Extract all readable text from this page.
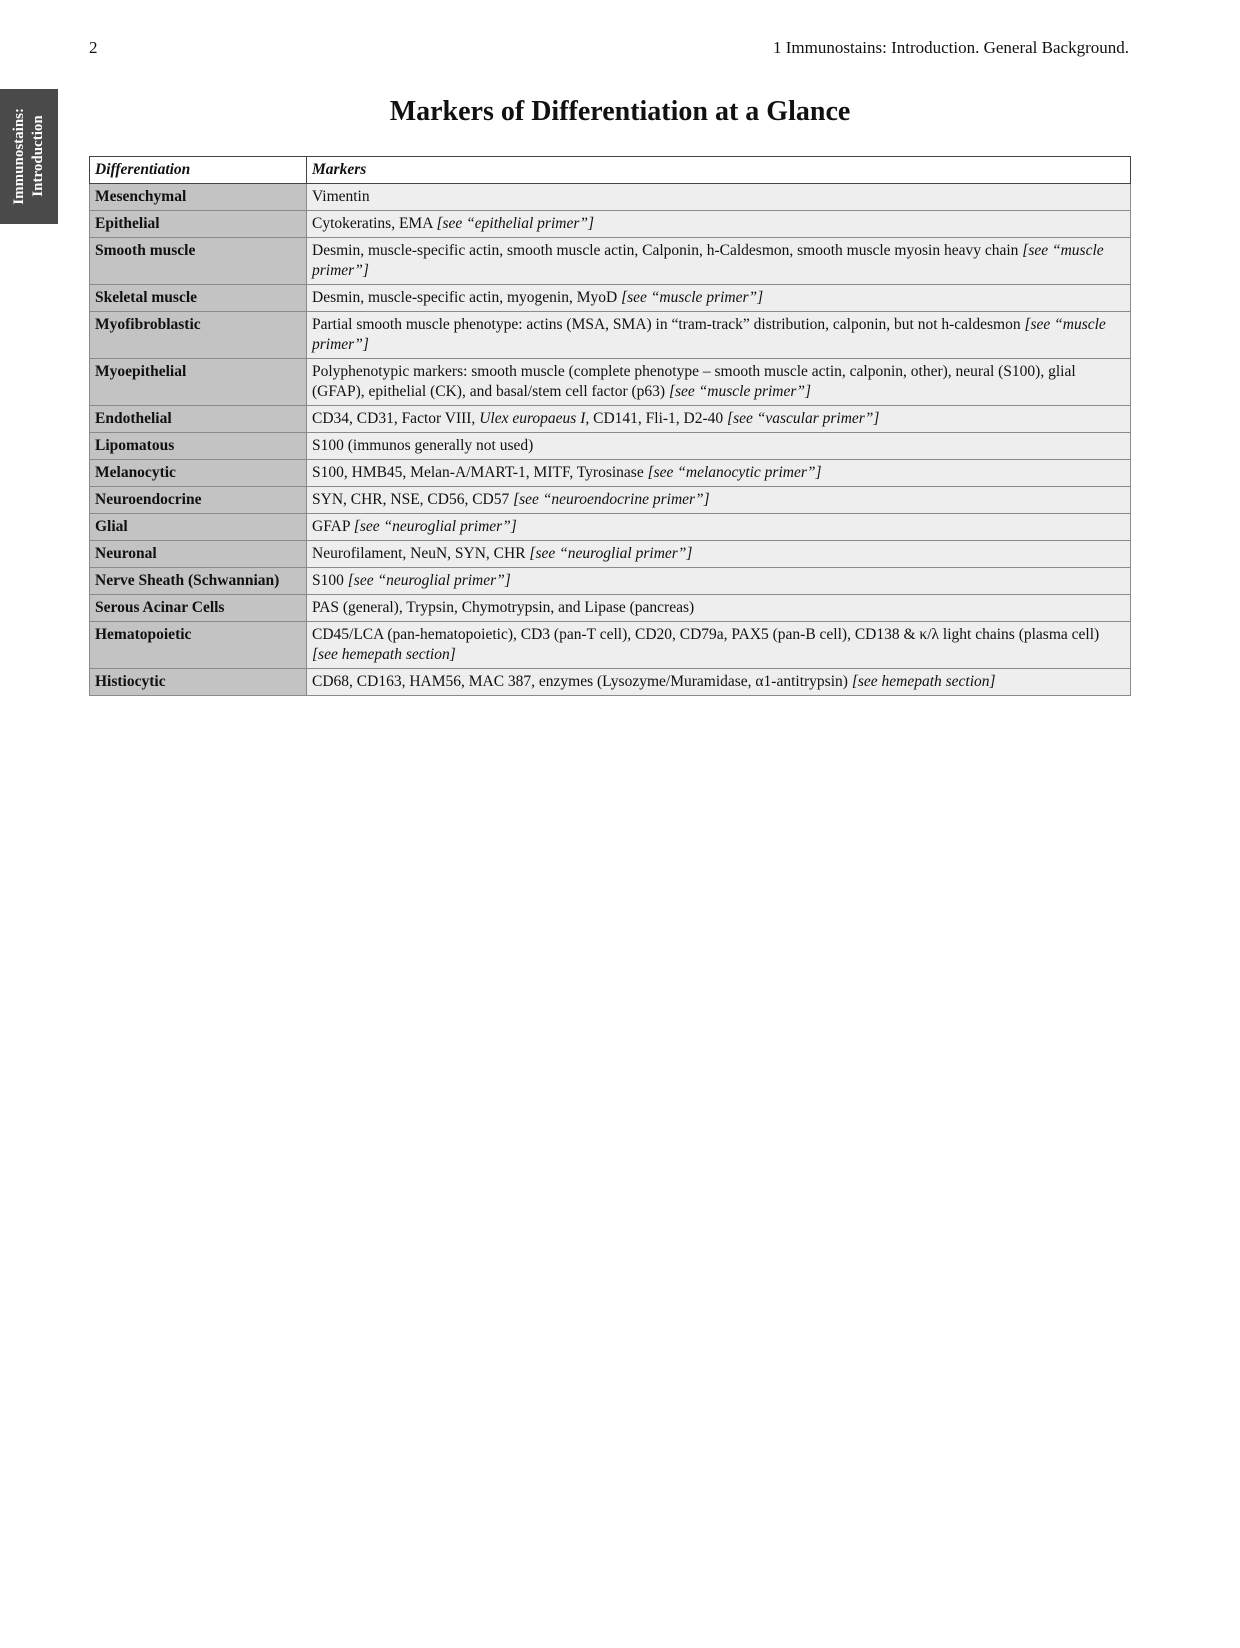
2	1 Immunostains: Introduction. General Background.
Immunostains: Introduction
Markers of Differentiation at a Glance
Differentiation	Markers
Mesenchymal	Vimentin
Epithelial	Cytokeratins, EMA [see “epithelial primer”]
Smooth muscle	Desmin, muscle-specific actin, smooth muscle actin, Calponin, h-Caldesmon, smooth muscle myosin heavy chain [see “muscle primer”]
Skeletal muscle	Desmin, muscle-specific actin, myogenin, MyoD [see “muscle primer”]
Myofibroblastic	Partial smooth muscle phenotype: actins (MSA, SMA) in “tram-track” distribution, calponin, but not h-caldesmon [see “muscle primer”]
Myoepithelial	Polyphenotypic markers: smooth muscle (complete phenotype – smooth muscle actin, calponin, other), neural (S100), glial (GFAP), epithelial (CK), and basal/stem cell factor (p63) [see “muscle primer”]
Endothelial	CD34, CD31, Factor VIII, Ulex europaeus I, CD141, Fli-1, D2-40 [see “vascular primer”]
Lipomatous	S100 (immunos generally not used)
Melanocytic	S100, HMB45, Melan-A/MART-1, MITF, Tyrosinase [see “melanocytic primer”]
Neuroendocrine	SYN, CHR, NSE, CD56, CD57 [see “neuroendocrine primer”]
Glial	GFAP [see “neuroglial primer”]
Neuronal	Neurofilament, NeuN, SYN, CHR [see “neuroglial primer”]
Nerve Sheath (Schwannian)	S100 [see “neuroglial primer”]
Serous Acinar Cells	PAS (general), Trypsin, Chymotrypsin, and Lipase (pancreas)
Hematopoietic	CD45/LCA (pan-hematopoietic), CD3 (pan-T cell), CD20, CD79a, PAX5 (pan-B cell), CD138 & κ/λ light chains (plasma cell) [see hemepath section]
Histiocytic	CD68, CD163, HAM56, MAC 387, enzymes (Lysozyme/Muramidase, α1-antitrypsin) [see hemepath section]
